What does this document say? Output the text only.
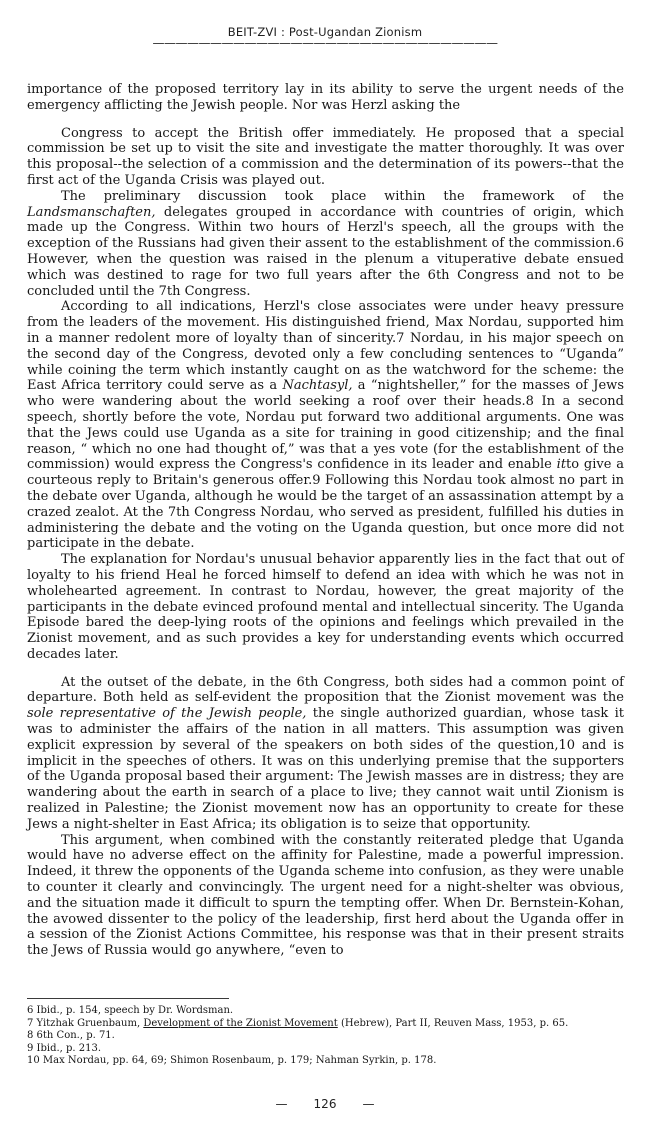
BEIT-ZVI : Post-Ugandan Zionism
——————————————————————————————

importance of the proposed territory lay in its ability to serve the urgent needs of the emergency afflicting the Jewish people. Nor was Herzl asking the

Congress to accept the British offer immediately. He proposed that a special commission be set up to visit the site and investigate the matter thoroughly. It was over this proposal--the selection of a commission and the determination of its powers--that the first act of the Uganda Crisis was played out.

The preliminary discussion took place within the framework of the Landsmanschaften, delegates grouped in accordance with countries of origin, which made up the Congress. Within two hours of Herzl's speech, all the groups with the exception of the Russians had given their assent to the establishment of the commission.6 However, when the question was raised in the plenum a vituperative debate ensued which was destined to rage for two full years after the 6th Congress and not to be concluded until the 7th Congress.

According to all indications, Herzl's close associates were under heavy pressure from the leaders of the movement. His distinguished friend, Max Nordau, supported him in a manner redolent more of loyalty than of sincerity.7 Nordau, in his major speech on the second day of the Congress, devoted only a few concluding sentences to “Uganda” while coining the term which instantly caught on as the watchword for the scheme: the East Africa territory could serve as a Nachtasyl, a “nightsheller,” for the masses of Jews who were wandering about the world seeking a roof over their heads.8 In a second speech, shortly before the vote, Nordau put forward two additional arguments. One was that the Jews could use Uganda as a site for training in good citizenship; and the final reason, “ which no one had thought of,” was that a yes vote (for the establishment of the commission) would express the Congress's confidence in its leader and enable itto give a courteous reply to Britain's generous offer.9 Following this Nordau took almost no part in the debate over Uganda, although he would be the target of an assassination attempt by a crazed zealot. At the 7th Congress Nordau, who served as president, fulfilled his duties in administering the debate and the voting on the Uganda question, but once more did not participate in the debate.

The explanation for Nordau's unusual behavior apparently lies in the fact that out of loyalty to his friend Heal he forced himself to defend an idea with which he was not in wholehearted agreement. In contrast to Nordau, however, the great majority of the participants in the debate evinced profound mental and intellectual sincerity. The Uganda Episode bared the deep-lying roots of the opinions and feelings which prevailed in the Zionist movement, and as such provides a key for understanding events which occurred decades later.

At the outset of the debate, in the 6th Congress, both sides had a common point of departure. Both held as self-evident the proposition that the Zionist movement was the sole representative of the Jewish people, the single authorized guardian, whose task it was to administer the affairs of the nation in all matters. This assumption was given explicit expression by several of the speakers on both sides of the question,10 and is implicit in the speeches of others. It was on this underlying premise that the supporters of the Uganda proposal based their argument: The Jewish masses are in distress; they are wandering about the earth in search of a place to live; they cannot wait until Zionism is realized in Palestine; the Zionist movement now has an opportunity to create for these Jews a night-shelter in East Africa; its obligation is to seize that opportunity.

This argument, when combined with the constantly reiterated pledge that Uganda would have no adverse effect on the affinity for Palestine, made a powerful impression. Indeed, it threw the opponents of the Uganda scheme into confusion, as they were unable to counter it clearly and convincingly. The urgent need for a night-shelter was obvious, and the situation made it difficult to spurn the tempting offer. When Dr. Bernstein-Kohan, the avowed dissenter to the policy of the leadership, first herd about the Uganda offer in a session of the Zionist Actions Committee, his response was that in their present straits the Jews of Russia would go anywhere, “even to

6 Ibid., p. 154, speech by Dr. Wordsman.
7 Yitzhak Gruenbaum, Development of the Zionist Movement (Hebrew), Part II, Reuven Mass, 1953, p. 65.
8 6th Con., p. 71.
9 Ibid., p. 213.
10 Max Nordau, pp. 64, 69; Shimon Rosenbaum, p. 179; Nahman Syrkin, p. 178.
— 126 —
